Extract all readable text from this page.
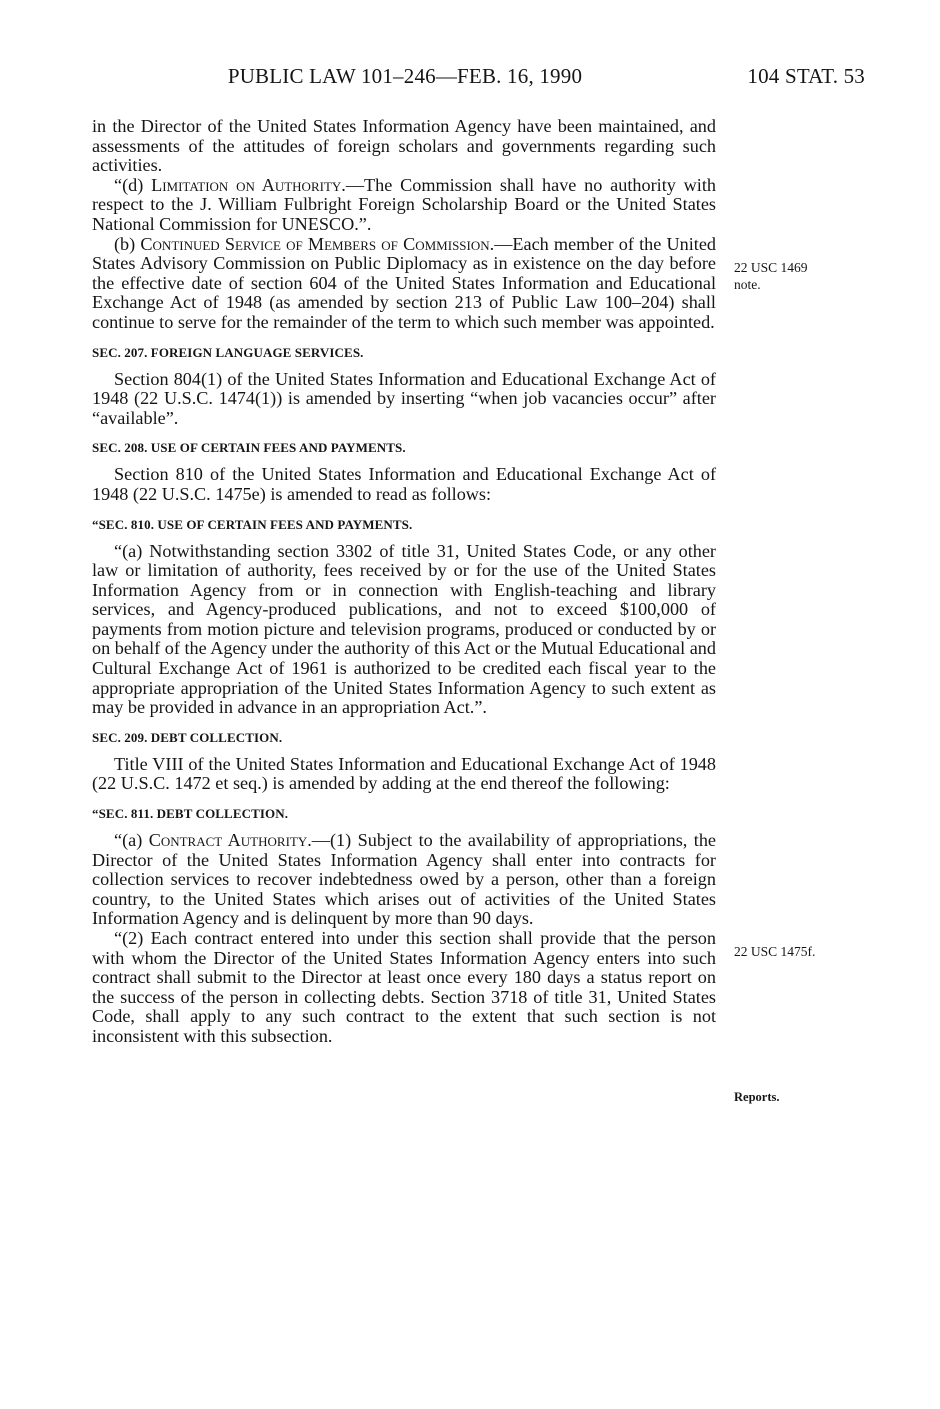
PUBLIC LAW 101–246—FEB. 16, 1990	104 STAT. 53

in the Director of the United States Information Agency have been maintained, and assessments of the attitudes of foreign scholars and governments regarding such activities.

“(d) Limitation on Authority.—The Commission shall have no authority with respect to the J. William Fulbright Foreign Scholarship Board or the United States National Commission for UNESCO.”.

(b) Continued Service of Members of Commission.—Each member of the United States Advisory Commission on Public Diplomacy as in existence on the day before the effective date of section 604 of the United States Information and Educational Exchange Act of 1948 (as amended by section 213 of Public Law 100–204) shall continue to serve for the remainder of the term to which such member was appointed.

SEC. 207. FOREIGN LANGUAGE SERVICES.

Section 804(1) of the United States Information and Educational Exchange Act of 1948 (22 U.S.C. 1474(1)) is amended by inserting “when job vacancies occur” after “available”.

SEC. 208. USE OF CERTAIN FEES AND PAYMENTS.

Section 810 of the United States Information and Educational Exchange Act of 1948 (22 U.S.C. 1475e) is amended to read as follows:

“SEC. 810. USE OF CERTAIN FEES AND PAYMENTS.

“(a) Notwithstanding section 3302 of title 31, United States Code, or any other law or limitation of authority, fees received by or for the use of the United States Information Agency from or in connection with English-teaching and library services, and Agency-produced publications, and not to exceed $100,000 of payments from motion picture and television programs, produced or conducted by or on behalf of the Agency under the authority of this Act or the Mutual Educational and Cultural Exchange Act of 1961 is authorized to be credited each fiscal year to the appropriate appropriation of the United States Information Agency to such extent as may be provided in advance in an appropriation Act.”.

SEC. 209. DEBT COLLECTION.

Title VIII of the United States Information and Educational Exchange Act of 1948 (22 U.S.C. 1472 et seq.) is amended by adding at the end thereof the following:

“SEC. 811. DEBT COLLECTION.

“(a) Contract Authority.—(1) Subject to the availability of appropriations, the Director of the United States Information Agency shall enter into contracts for collection services to recover indebtedness owed by a person, other than a foreign country, to the United States which arises out of activities of the United States Information Agency and is delinquent by more than 90 days.

“(2) Each contract entered into under this section shall provide that the person with whom the Director of the United States Information Agency enters into such contract shall submit to the Director at least once every 180 days a status report on the success of the person in collecting debts. Section 3718 of title 31, United States Code, shall apply to any such contract to the extent that such section is not inconsistent with this subsection.

22 USC 1469
note.
22 USC 1475f.
Reports.
